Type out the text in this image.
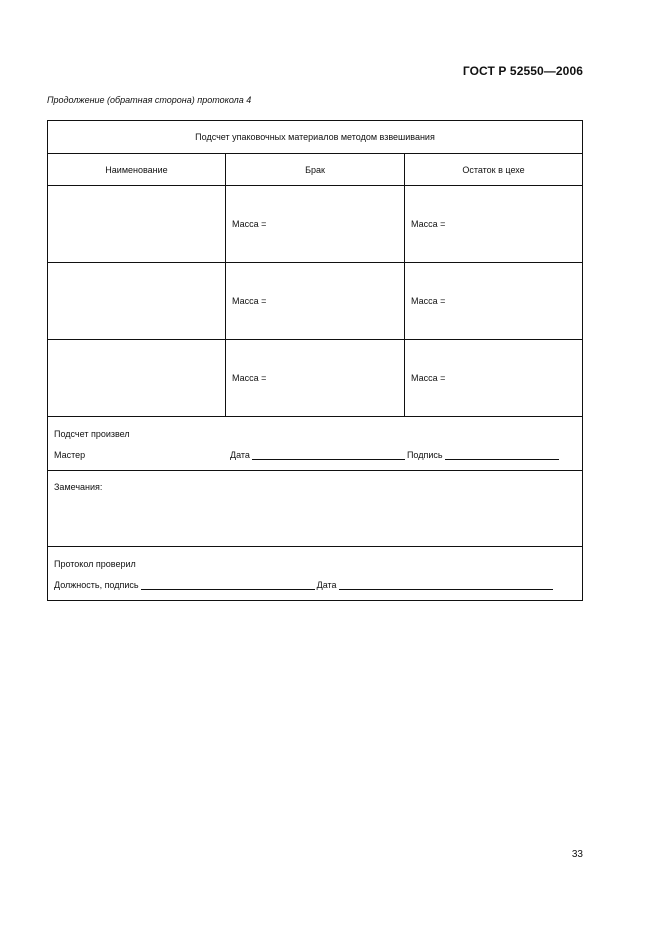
ГОСТ Р 52550—2006
Продолжение (обратная сторона) протокола 4
Подсчет упаковочных материалов методом взвешивания		
Наименование	Брак	Остаток в цехе
	Масса =	Масса =
	Масса =	Масса =
	Масса =	Масса =

Подсчет произвел
Мастер Дата Подпись		

Замечания:		

Протокол проверил
Должность, подпись Дата		
33
